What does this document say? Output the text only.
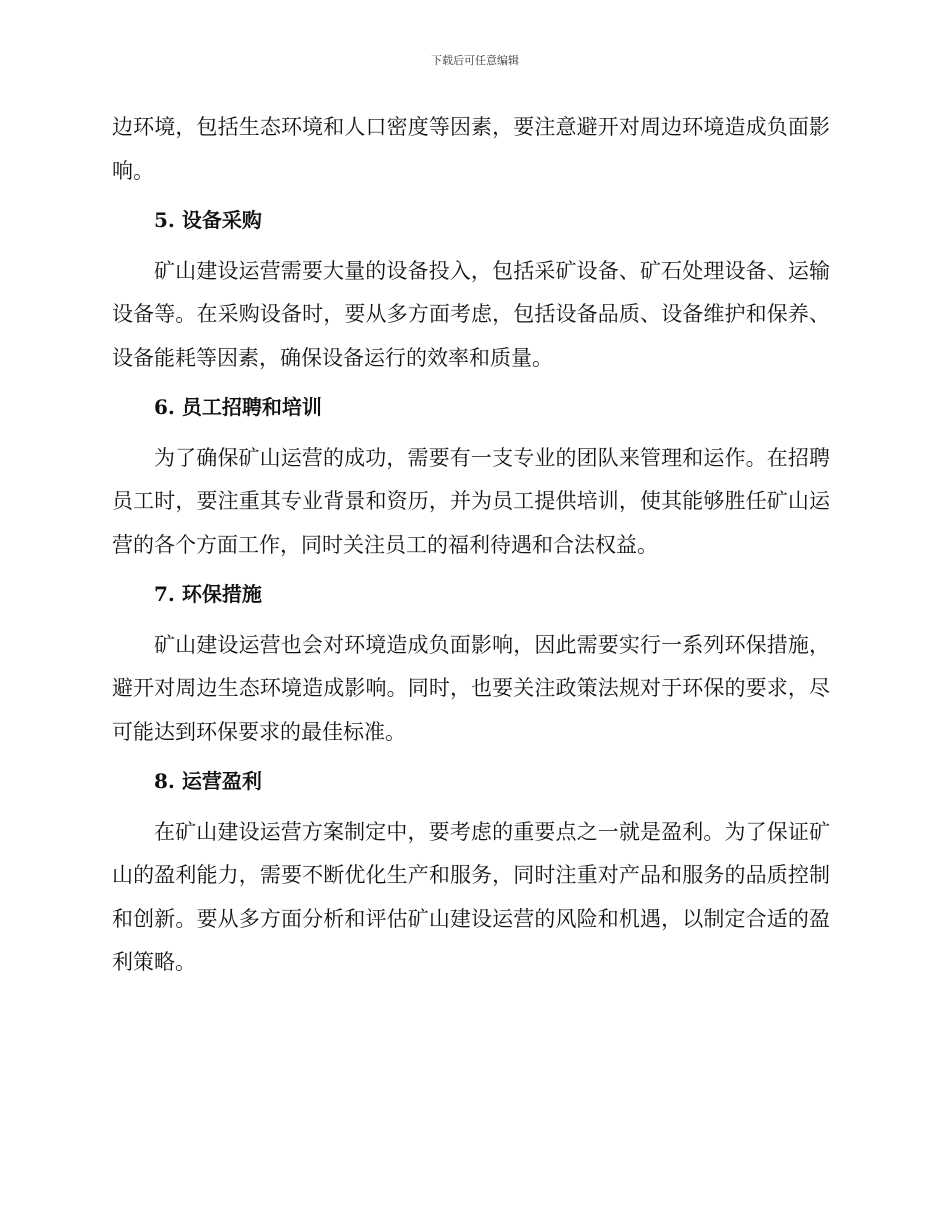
下载后可任意编辑

边环境，包括生态环境和人口密度等因素，要注意避开对周边环境造成负面影响。

5. 设备采购

矿山建设运营需要大量的设备投入，包括采矿设备、矿石处理设备、运输设备等。在采购设备时，要从多方面考虑，包括设备品质、设备维护和保养、设备能耗等因素，确保设备运行的效率和质量。

6. 员工招聘和培训

为了确保矿山运营的成功，需要有一支专业的团队来管理和运作。在招聘员工时，要注重其专业背景和资历，并为员工提供培训，使其能够胜任矿山运营的各个方面工作，同时关注员工的福利待遇和合法权益。

7. 环保措施

矿山建设运营也会对环境造成负面影响，因此需要实行一系列环保措施，避开对周边生态环境造成影响。同时，也要关注政策法规对于环保的要求，尽可能达到环保要求的最佳标准。

8. 运营盈利

在矿山建设运营方案制定中，要考虑的重要点之一就是盈利。为了保证矿山的盈利能力，需要不断优化生产和服务，同时注重对产品和服务的品质控制和创新。要从多方面分析和评估矿山建设运营的风险和机遇，以制定合适的盈利策略。
